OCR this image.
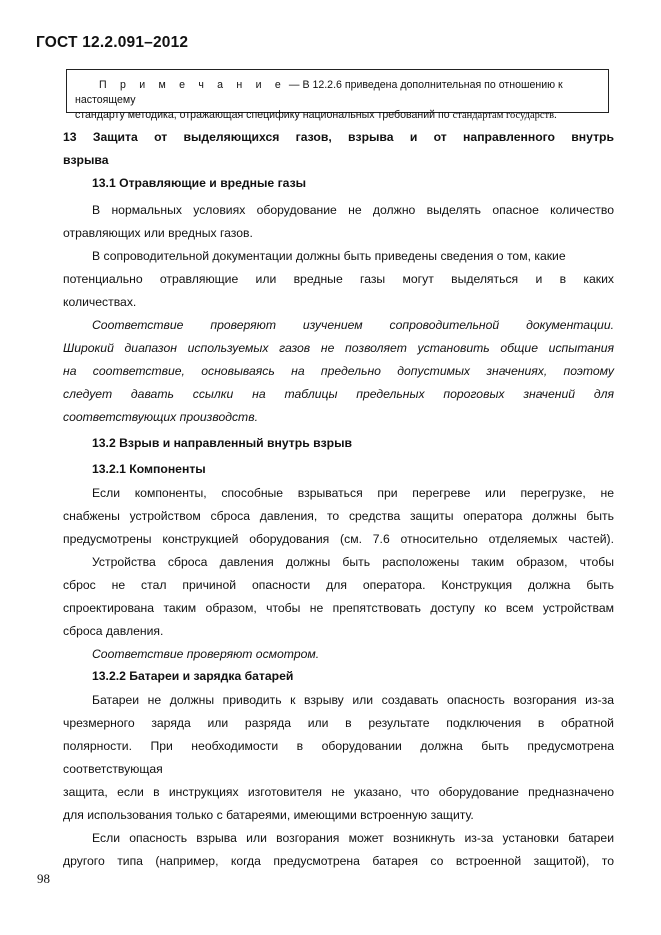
ГОСТ 12.2.091–2012
П р и м е ч а н и е — В 12.2.6 приведена дополнительная по отношению к настоящему
стандарту методика, отражающая специфику национальных требований по стандартам государств.
13 Защита от выделяющихся газов, взрыва и от направленного внутрь
взрыва
13.1 Отравляющие и вредные газы
В нормальных условиях оборудование не должно выделять опасное количество
отравляющих или вредных газов.
В сопроводительной документации должны быть приведены сведения о том, какие
потенциально отравляющие или вредные газы могут выделяться и в каких
количествах.
Соответствие проверяют изучением сопроводительной документации.
Широкий диапазон используемых газов не позволяет установить общие испытания
на соответствие, основываясь на предельно допустимых значениях, поэтому
следует давать ссылки на таблицы предельных пороговых значений для
соответствующих производств.
13.2 Взрыв и направленный внутрь взрыв
13.2.1 Компоненты
Если компоненты, способные взрываться при перегреве или перегрузке, не
снабжены устройством сброса давления, то средства защиты оператора должны быть
предусмотрены конструкцией оборудования (см. 7.6 относительно отделяемых частей).
Устройства сброса давления должны быть расположены таким образом, чтобы
сброс не стал причиной опасности для оператора. Конструкция должна быть
спроектирована таким образом, чтобы не препятствовать доступу ко всем устройствам
сброса давления.
Соответствие проверяют осмотром.
13.2.2 Батареи и зарядка батарей
Батареи не должны приводить к взрыву или создавать опасность возгорания из-за
чрезмерного заряда или разряда или в результате подключения в обратной
полярности. При необходимости в оборудовании должна быть предусмотрена
соответствующая
защита, если в инструкциях изготовителя не указано, что оборудование предназначено
для использования только с батареями, имеющими встроенную защиту.
Если опасность взрыва или возгорания может возникнуть из-за установки батареи
другого типа (например, когда предусмотрена батарея со встроенной защитой), то
98
